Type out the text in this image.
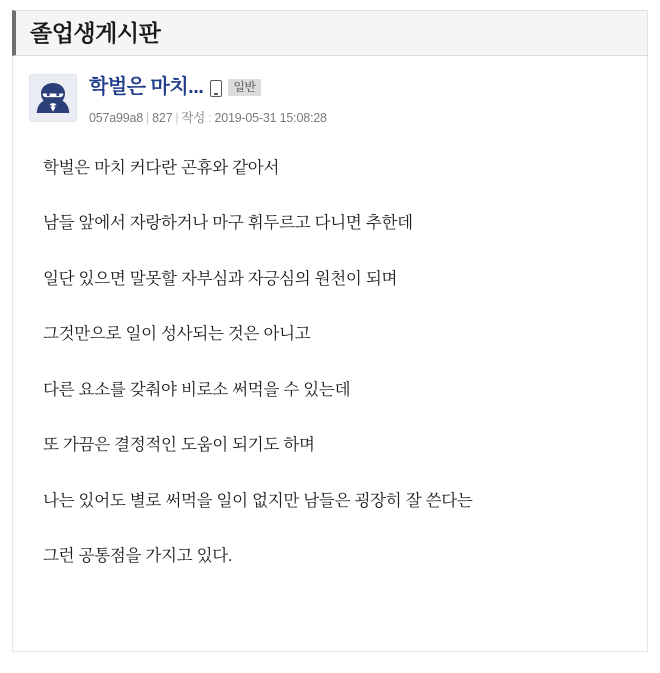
졸업생게시판
학벌은 마치...	일반
057a99a8 | 827 | 작성 : 2019-05-31 15:08:28

학벌은 마치 커다란 곤휴와 같아서

남들 앞에서 자랑하거나 마구 휘두르고 다니면 추한데

일단 있으면 말못할 자부심과 자긍심의 원천이 되며

그것만으로 일이 성사되는 것은 아니고

다른 요소를 갖춰야 비로소 써먹을 수 있는데

또 가끔은 결정적인 도움이 되기도 하며

나는 있어도 별로 써먹을 일이 없지만 남들은 굉장히 잘 쓴다는

그런 공통점을 가지고 있다.
